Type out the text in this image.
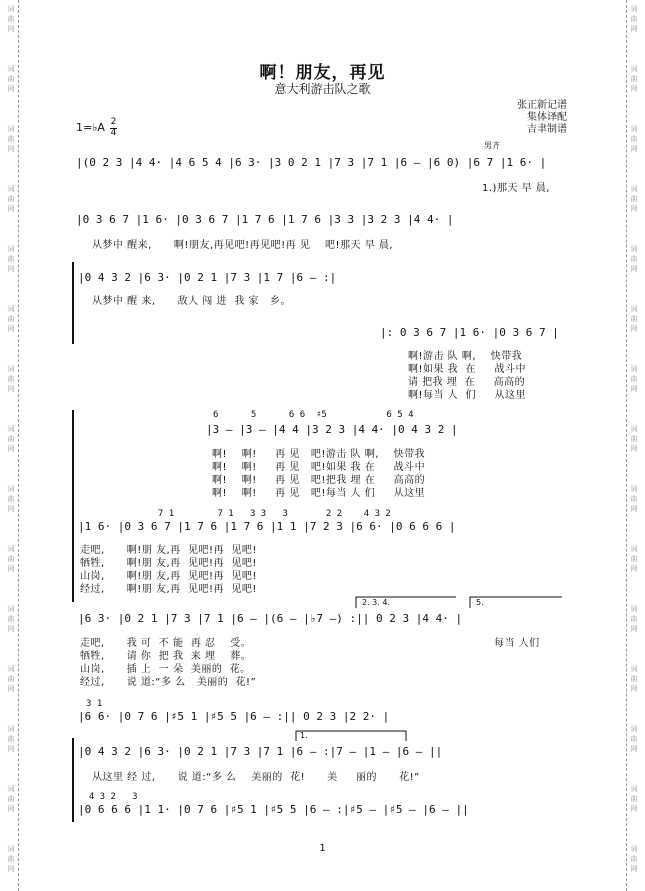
词
曲
网
词
曲
网
词
曲
网
词
曲
网
词
曲
网
词
曲
网
词
曲
网
词
曲
网
词
曲
网
词
曲
网
词
曲
网
词
曲
网
词
曲
网
词
曲
网
词
曲
网
词
曲
网
词
曲
网
词
曲
网
词
曲
网
词
曲
网
词
曲
网
词
曲
网
词
曲
网
词
曲
网
词
曲
网
词
曲
网
词
曲
网
词
曲
网
词
曲
网
词
曲
网
啊！朋友，再见
意大利游击队之歌
张正新记谱
集体译配
吉聿制谱
1=♭A 2
4
男齐
|(0 2 3 |4 4· |4 6 5 4 |6 3· |3 0 2 1 |7 3 |7 1 |6 — |6 0) |6 7 |1 6· |
1.)那天 早 晨,
|0 3 6 7 |1 6· |0 3 6 7 |1 7 6 |1 7 6 |3 3 |3 2 3 |4 4· |
从梦中 醒来,      啊!朋友,再见吧!再见吧!再 见    吧!那天 早 晨,
|0 4 3 2 |6 3· |0 2 1 |7 3 |1 7 |6 — :|
从梦中 醒 来,      敌人 闯 进  我 家   乡。
|: 0 3 6 7 |1 6· |0 3 6 7 |
啊!游击 队 啊,    快带我
啊!如果 我  在     战斗中
请 把我 埋  在     高高的
啊!每当 人  们     从这里
6      5      6 6  ♯5           6 5 4
|3 — |3 — |4 4 |3 2 3 |4 4· |0 4 3 2 |
啊!    啊!     再 见   吧!游击 队 啊,    快带我
啊!    啊!     再 见   吧!如果 我 在     战斗中
啊!    啊!     再 见   吧!把我 埋 在     高高的
啊!    啊!     再 见   吧!每当 人 们     从这里
7 1        7 1   3 3   3       2 2    4 3 2
|1 6· |0 3 6 7 |1 7 6 |1 7 6 |1 1 |7 2 3 |6 6· |0 6 6 6 |
走吧,      啊!朋 友,再  见吧!再  见吧!
牺牲,      啊!朋 友,再  见吧!再  见吧!
山岗,      啊!朋 友,再  见吧!再  见吧!
经过,      啊!朋 友,再  见吧!再  见吧!
2. 3. 4.	5.
|6 3· |0 2 1 |7 3 |7 1 |6 — |(6 — |♭7 —) :|| 0 2 3 |4 4· |
走吧,      我 可  不 能  再 忍    受。
牺牲,      请 你  把 我  来 埋    葬。
山岗,      插 上  一 朵  美丽的  花。
经过,      说 道:“多 么   美丽的  花!”
每当 人们
3 1
|6 6· |0 7 6 |♯5 1 |♯5 5 |6 — :|| 0 2 3 |2 2· |
1.
|0 4 3 2 |6 3· |0 2 1 |7 3 |7 1 |6 — :|7 — |1 — |6 — ||
从这里 经 过,      说 道:“多 么    美丽的  花!      美     丽的      花!”
4 3 2   3
|0 6 6 6 |1 1· |0 7 6 |♯5 1 |♯5 5 |6 — :|♯5 — |♯5 — |6 — ||
1
